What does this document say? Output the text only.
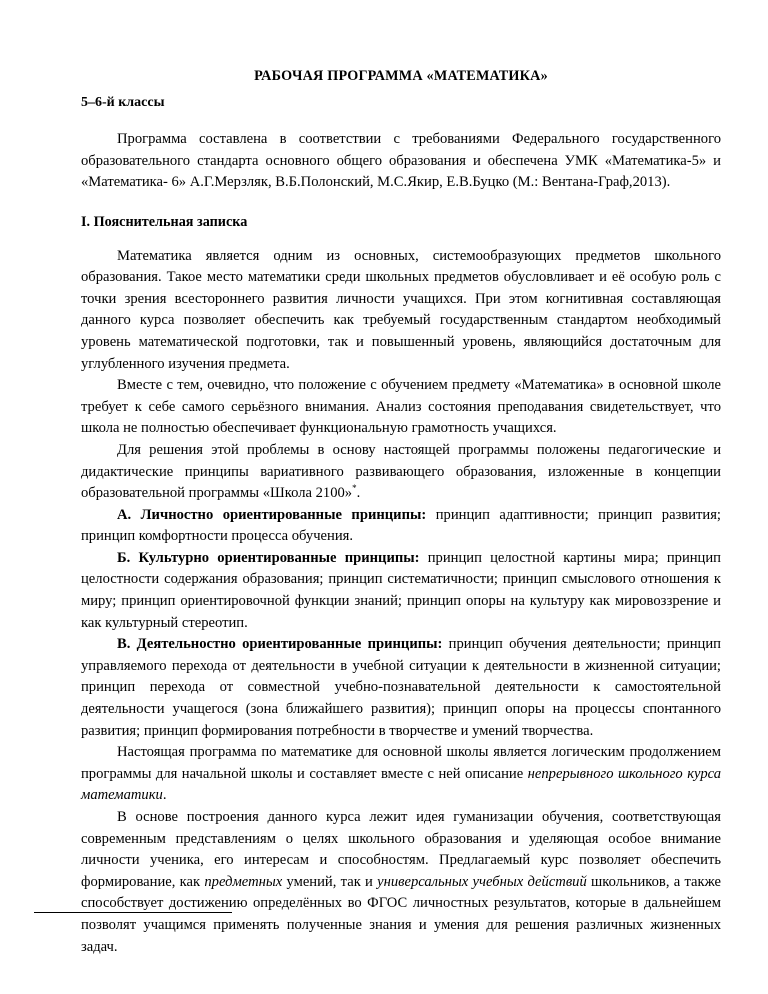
РАБОЧАЯ ПРОГРАММА «МАТЕМАТИКА»

5–6-й классы

Программа составлена в соответствии с требованиями Федерального государственного образовательного стандарта основного общего образования и обеспечена УМК «Математика-5» и «Математика- 6» А.Г.Мерзляк, В.Б.Полонский, М.С.Якир, Е.В.Буцко (М.: Вентана-Граф,2013).

I. Пояснительная записка

Математика является одним из основных, системообразующих предметов школьного образования. Такое место математики среди школьных предметов обусловливает и её особую роль с точки зрения всестороннего развития личности учащихся. При этом когнитивная составляющая данного курса позволяет обеспечить как требуемый государственным стандартом необходимый уровень математической подготовки, так и повышенный уровень, являющийся достаточным для углубленного изучения предмета.

Вместе с тем, очевидно, что положение с обучением предмету «Математика» в основной школе требует к себе самого серьёзного внимания. Анализ состояния преподавания свидетельствует, что школа не полностью обеспечивает функциональную грамотность учащихся.

Для решения этой проблемы в основу настоящей программы положены педагогические и дидактические принципы вариативного развивающего образования, изложенные в концепции образовательной программы «Школа 2100»*.

А. Личностно ориентированные принципы: принцип адаптивности; принцип развития; принцип комфортности процесса обучения.

Б. Культурно ориентированные принципы: принцип целостной картины мира; принцип целостности содержания образования; принцип систематичности; принцип смыслового отношения к миру; принцип ориентировочной функции знаний; принцип опоры на культуру как мировоззрение и как культурный стереотип.

В. Деятельностно ориентированные принципы: принцип обучения деятельности; принцип управляемого перехода от деятельности в учебной ситуации к деятельности в жизненной ситуации; принцип перехода от совместной учебно-познавательной деятельности к самостоятельной деятельности учащегося (зона ближайшего развития); принцип опоры на процессы спонтанного развития; принцип формирования потребности в творчестве и умений творчества.

Настоящая программа по математике для основной школы является логическим продолжением программы для начальной школы и составляет вместе с ней описание непрерывного школьного курса математики.

В основе построения данного курса лежит идея гуманизации обучения, соответствующая современным представлениям о целях школьного образования и уделяющая особое внимание личности ученика, его интересам и способностям. Предлагаемый курс позволяет обеспечить формирование, как предметных умений, так и универсальных учебных действий школьников, а также способствует достижению определённых во ФГОС личностных результатов, которые в дальнейшем позволят учащимся применять полученные знания и умения для решения различных жизненных задач.
